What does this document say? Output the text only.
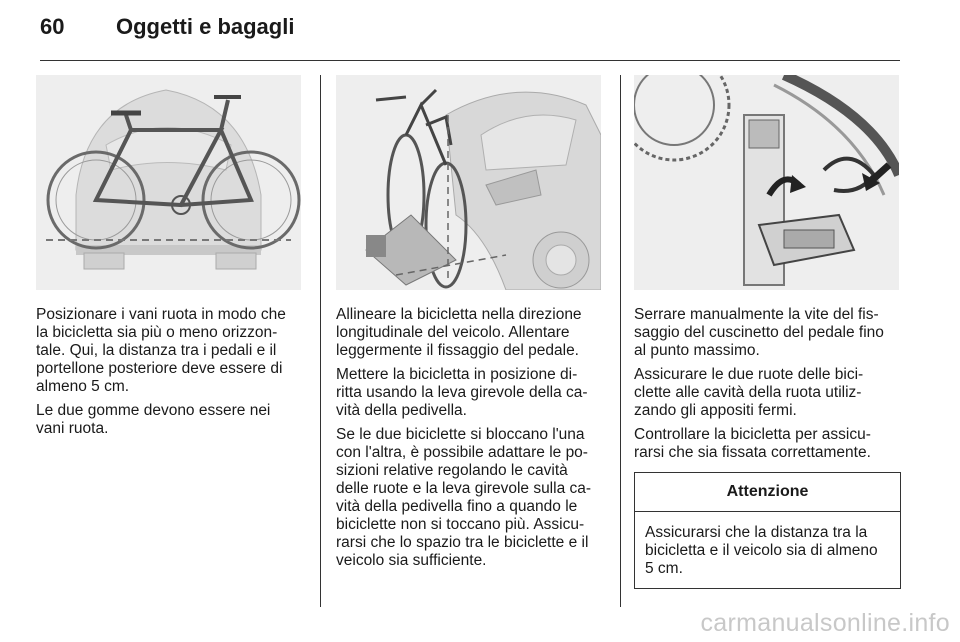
60	Oggetti e bagagli

Posizionare i vani ruota in modo che la bicicletta sia più o meno orizzon-tale. Qui, la distanza tra i pedali e il portellone posteriore deve essere di almeno 5 cm.

Le due gomme devono essere nei vani ruota.

Allineare la bicicletta nella direzione longitudinale del veicolo. Allentare leggermente il fissaggio del pedale.

Mettere la bicicletta in posizione di-ritta usando la leva girevole della ca-vità della pedivella.

Se le due biciclette si bloccano l'una con l'altra, è possibile adattare le po-sizioni relative regolando le cavità delle ruote e la leva girevole sulla ca-vità della pedivella fino a quando le biciclette non si toccano più. Assicu-rarsi che lo spazio tra le biciclette e il veicolo sia sufficiente.

Serrare manualmente la vite del fis-saggio del cuscinetto del pedale fino al punto massimo.

Assicurare le due ruote delle bici-clette alle cavità della ruota utiliz-zando gli appositi fermi.

Controllare la bicicletta per assicu-rarsi che sia fissata correttamente.

Attenzione
Assicurarsi che la distanza tra la bicicletta e il veicolo sia di almeno 5 cm.
carmanualsonline.info
